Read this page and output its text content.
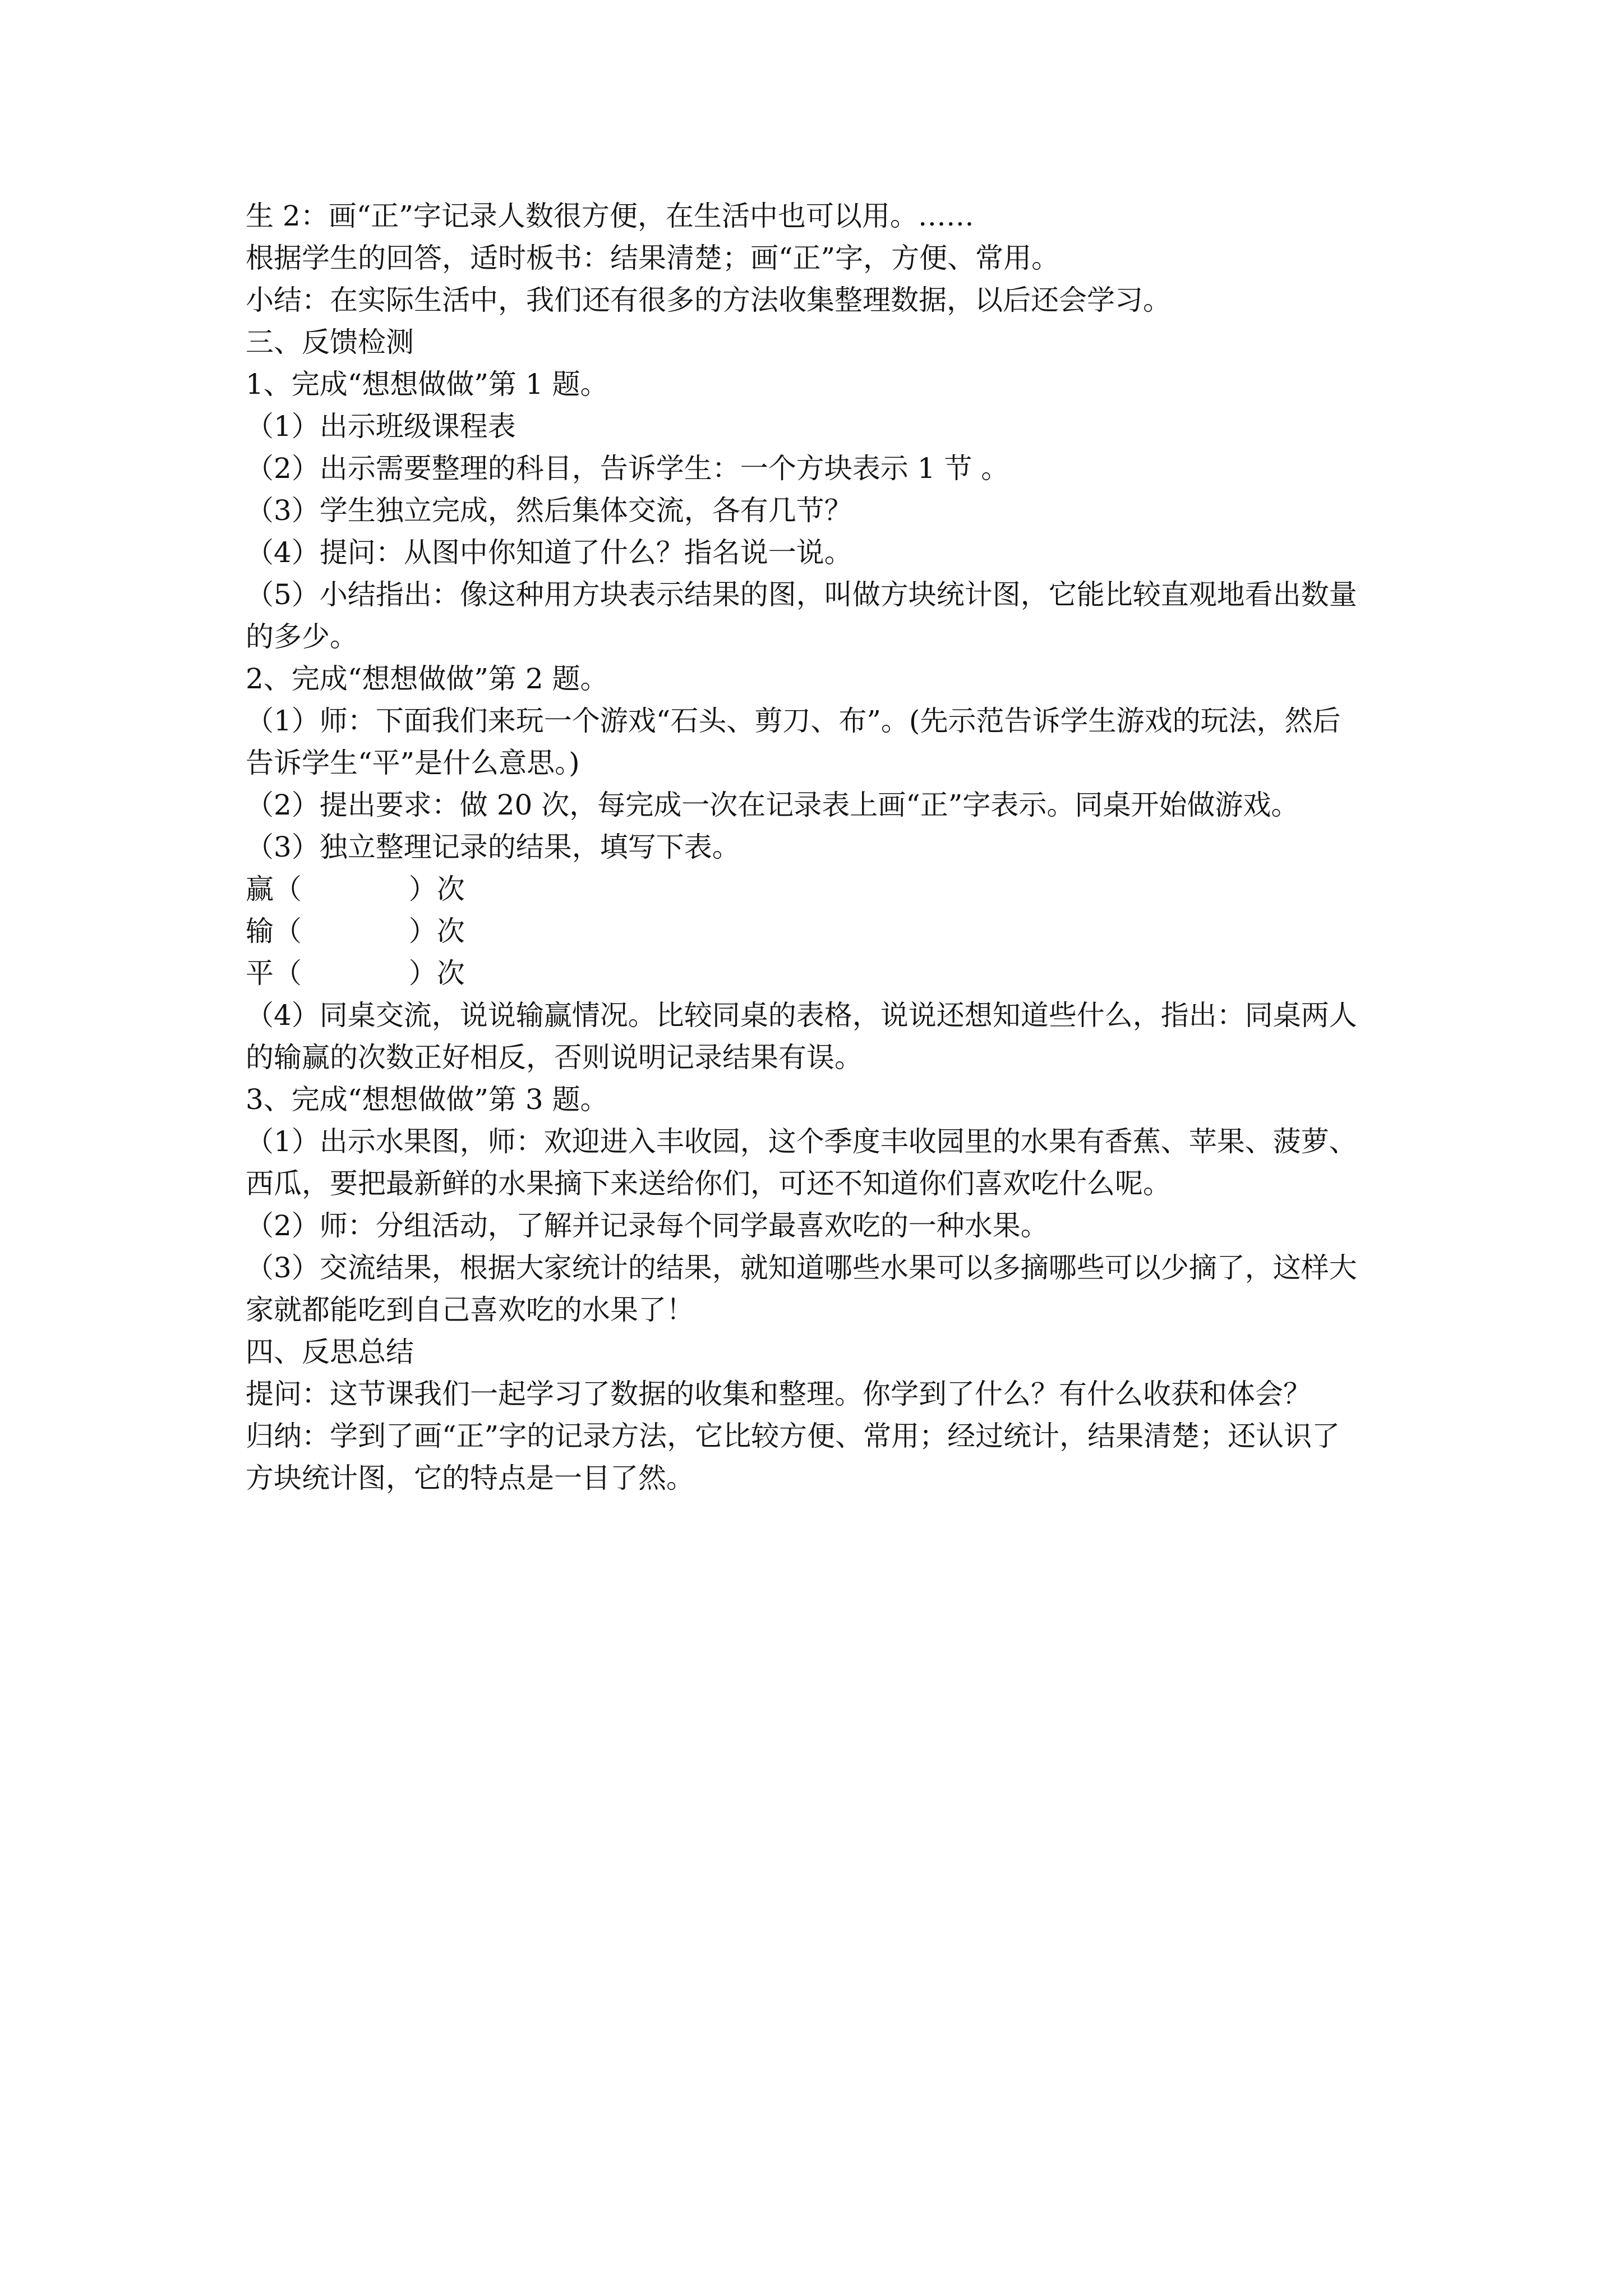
生 2：画“正”字记录人数很方便，在生活中也可以用。……
根据学生的回答，适时板书：结果清楚；画“正”字，方便、常用。
小结：在实际生活中，我们还有很多的方法收集整理数据，以后还会学习。
三、反馈检测
1、完成“想想做做”第 1 题。
（1）出示班级课程表
（2）出示需要整理的科目，告诉学生：一个方块表示 1 节 。
（3）学生独立完成，然后集体交流，各有几节？
（4）提问：从图中你知道了什么？指名说一说。
（5）小结指出：像这种用方块表示结果的图，叫做方块统计图，它能比较直观地看出数量
的多少。
2、完成“想想做做”第 2 题。
（1）师：下面我们来玩一个游戏“石头、剪刀、布”。(先示范告诉学生游戏的玩法，然后
告诉学生“平”是什么意思。)
（2）提出要求：做 20 次，每完成一次在记录表上画“正”字表示。同桌开始做游戏。
（3）独立整理记录的结果，填写下表。
赢（            ）次
输（            ）次
平（            ）次
（4）同桌交流，说说输赢情况。比较同桌的表格，说说还想知道些什么，指出：同桌两人
的输赢的次数正好相反，否则说明记录结果有误。
3、完成“想想做做”第 3 题。
（1）出示水果图，师：欢迎进入丰收园，这个季度丰收园里的水果有香蕉、苹果、菠萝、
西瓜，要把最新鲜的水果摘下来送给你们，可还不知道你们喜欢吃什么呢。
（2）师：分组活动，了解并记录每个同学最喜欢吃的一种水果。
（3）交流结果，根据大家统计的结果，就知道哪些水果可以多摘哪些可以少摘了，这样大
家就都能吃到自己喜欢吃的水果了！
四、反思总结
提问：这节课我们一起学习了数据的收集和整理。你学到了什么？有什么收获和体会？
归纳：学到了画“正”字的记录方法，它比较方便、常用；经过统计，结果清楚；还认识了
方块统计图，它的特点是一目了然。
